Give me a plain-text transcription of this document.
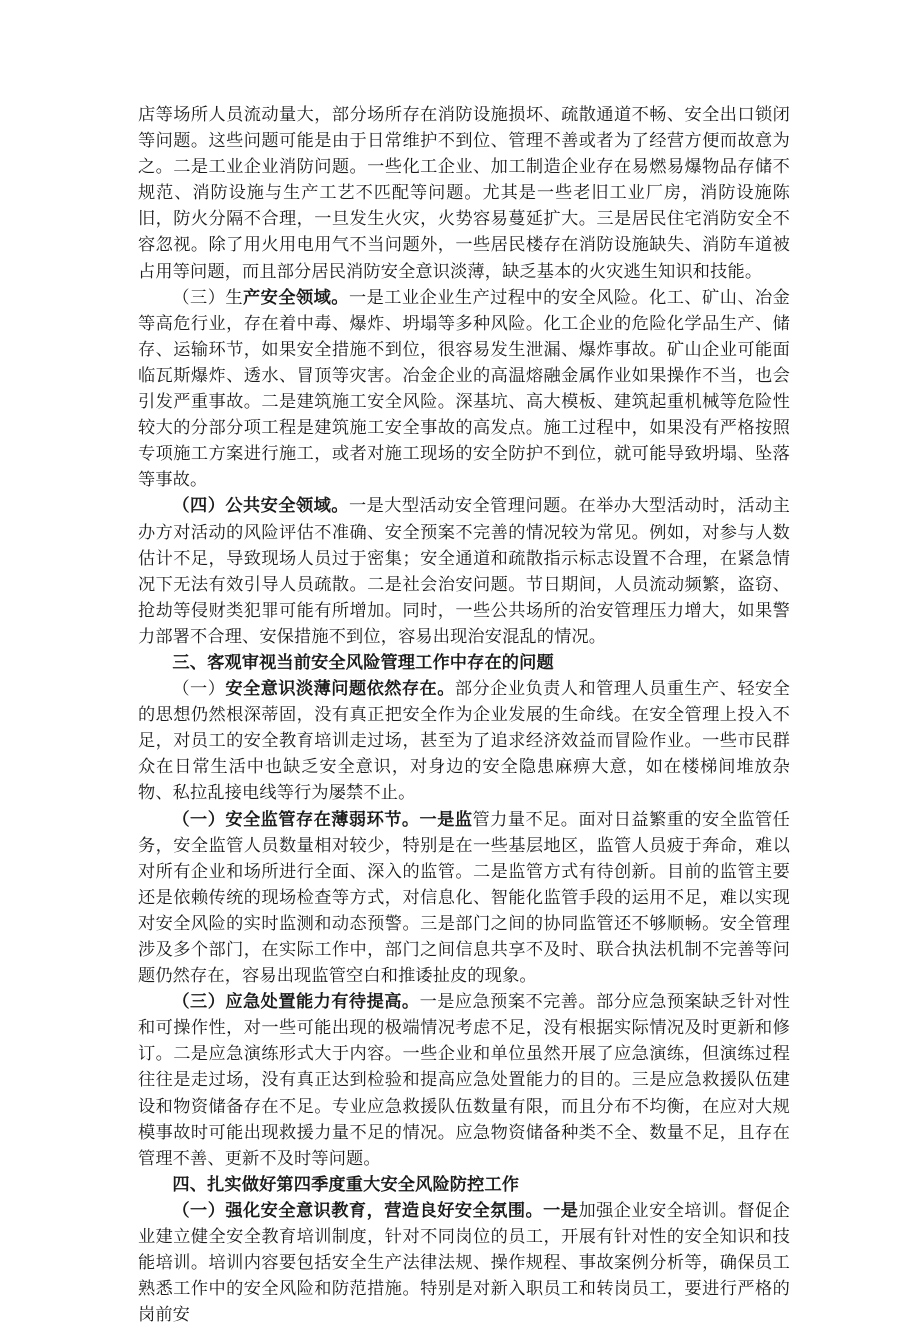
店等场所人员流动量大，部分场所存在消防设施损坏、疏散通道不畅、安全出口锁闭等问题。这些问题可能是由于日常维护不到位、管理不善或者为了经营方便而故意为之。二是工业企业消防问题。一些化工企业、加工制造企业存在易燃易爆物品存储不规范、消防设施与生产工艺不匹配等问题。尤其是一些老旧工业厂房，消防设施陈旧，防火分隔不合理，一旦发生火灾，火势容易蔓延扩大。三是居民住宅消防安全不容忽视。除了用火用电用气不当问题外，一些居民楼存在消防设施缺失、消防车道被占用等问题，而且部分居民消防安全意识淡薄，缺乏基本的火灾逃生知识和技能。

（三）生产安全领域。一是工业企业生产过程中的安全风险。化工、矿山、冶金等高危行业，存在着中毒、爆炸、坍塌等多种风险。化工企业的危险化学品生产、储存、运输环节，如果安全措施不到位，很容易发生泄漏、爆炸事故。矿山企业可能面临瓦斯爆炸、透水、冒顶等灾害。冶金企业的高温熔融金属作业如果操作不当，也会引发严重事故。二是建筑施工安全风险。深基坑、高大模板、建筑起重机械等危险性较大的分部分项工程是建筑施工安全事故的高发点。施工过程中，如果没有严格按照专项施工方案进行施工，或者对施工现场的安全防护不到位，就可能导致坍塌、坠落等事故。

（四）公共安全领域。一是大型活动安全管理问题。在举办大型活动时，活动主办方对活动的风险评估不准确、安全预案不完善的情况较为常见。例如，对参与人数估计不足，导致现场人员过于密集；安全通道和疏散指示标志设置不合理，在紧急情况下无法有效引导人员疏散。二是社会治安问题。节日期间，人员流动频繁，盗窃、抢劫等侵财类犯罪可能有所增加。同时，一些公共场所的治安管理压力增大，如果警力部署不合理、安保措施不到位，容易出现治安混乱的情况。

三、客观审视当前安全风险管理工作中存在的问题

（一）安全意识淡薄问题依然存在。部分企业负责人和管理人员重生产、轻安全的思想仍然根深蒂固，没有真正把安全作为企业发展的生命线。在安全管理上投入不足，对员工的安全教育培训走过场，甚至为了追求经济效益而冒险作业。一些市民群众在日常生活中也缺乏安全意识，对身边的安全隐患麻痹大意，如在楼梯间堆放杂物、私拉乱接电线等行为屡禁不止。

（一）安全监管存在薄弱环节。一是监管力量不足。面对日益繁重的安全监管任务，安全监管人员数量相对较少，特别是在一些基层地区，监管人员疲于奔命，难以对所有企业和场所进行全面、深入的监管。二是监管方式有待创新。目前的监管主要还是依赖传统的现场检查等方式，对信息化、智能化监管手段的运用不足，难以实现对安全风险的实时监测和动态预警。三是部门之间的协同监管还不够顺畅。安全管理涉及多个部门，在实际工作中，部门之间信息共享不及时、联合执法机制不完善等问题仍然存在，容易出现监管空白和推诿扯皮的现象。

（三）应急处置能力有待提高。一是应急预案不完善。部分应急预案缺乏针对性和可操作性，对一些可能出现的极端情况考虑不足，没有根据实际情况及时更新和修订。二是应急演练形式大于内容。一些企业和单位虽然开展了应急演练，但演练过程往往是走过场，没有真正达到检验和提高应急处置能力的目的。三是应急救援队伍建设和物资储备存在不足。专业应急救援队伍数量有限，而且分布不均衡，在应对大规模事故时可能出现救援力量不足的情况。应急物资储备种类不全、数量不足，且存在管理不善、更新不及时等问题。

四、扎实做好第四季度重大安全风险防控工作

（一）强化安全意识教育，营造良好安全氛围。一是加强企业安全培训。督促企业建立健全安全教育培训制度，针对不同岗位的员工，开展有针对性的安全知识和技能培训。培训内容要包括安全生产法律法规、操作规程、事故案例分析等，确保员工熟悉工作中的安全风险和防范措施。特别是对新入职员工和转岗员工，要进行严格的岗前安
